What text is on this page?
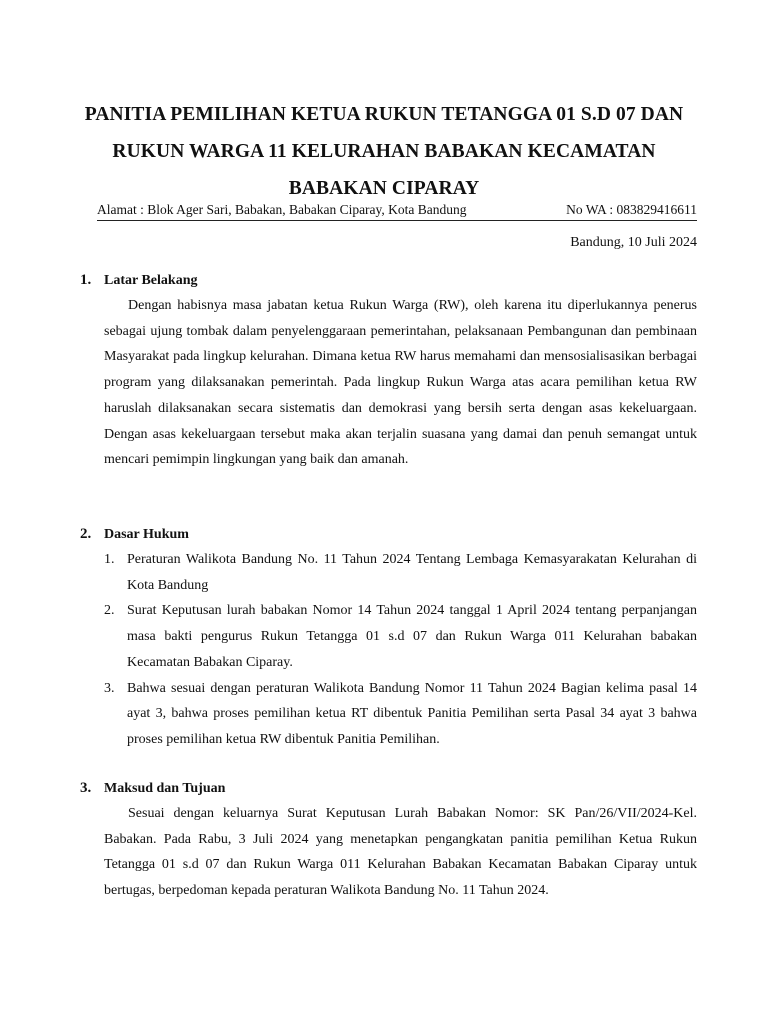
PANITIA PEMILIHAN KETUA RUKUN TETANGGA 01 S.D 07 DAN
RUKUN WARGA 11 KELURAHAN BABAKAN KECAMATAN
BABAKAN CIPARAY
Alamat : Blok Ager Sari, Babakan, Babakan Ciparay, Kota Bandung	No WA : 083829416611
Bandung, 10 Juli 2024
1. Latar Belakang
Dengan habisnya masa jabatan ketua Rukun Warga (RW), oleh karena itu diperlukannya penerus sebagai ujung tombak dalam penyelenggaraan pemerintahan, pelaksanaan Pembangunan dan pembinaan Masyarakat pada lingkup kelurahan. Dimana ketua RW harus memahami dan mensosialisasikan berbagai program yang dilaksanakan pemerintah. Pada lingkup Rukun Warga atas acara pemilihan ketua RW haruslah dilaksanakan secara sistematis dan demokrasi yang bersih serta dengan asas kekeluargaan. Dengan asas kekeluargaan tersebut maka akan terjalin suasana yang damai dan penuh semangat untuk mencari pemimpin lingkungan yang baik dan amanah.
2. Dasar Hukum
1. Peraturan Walikota Bandung No. 11 Tahun 2024 Tentang Lembaga Kemasyarakatan Kelurahan di Kota Bandung
2. Surat Keputusan lurah babakan Nomor 14 Tahun 2024 tanggal 1 April 2024 tentang perpanjangan masa bakti pengurus Rukun Tetangga 01 s.d 07 dan Rukun Warga 011 Kelurahan babakan Kecamatan Babakan Ciparay.
3. Bahwa sesuai dengan peraturan Walikota Bandung Nomor 11 Tahun 2024 Bagian kelima pasal 14 ayat 3, bahwa proses pemilihan ketua RT dibentuk Panitia Pemilihan serta Pasal 34 ayat 3 bahwa proses pemilihan ketua RW dibentuk Panitia Pemilihan.
3. Maksud dan Tujuan
Sesuai dengan keluarnya Surat Keputusan Lurah Babakan Nomor: SK Pan/26/VII/2024-Kel. Babakan. Pada Rabu, 3 Juli 2024 yang menetapkan pengangkatan panitia pemilihan Ketua Rukun Tetangga 01 s.d 07 dan Rukun Warga 011 Kelurahan Babakan Kecamatan Babakan Ciparay untuk bertugas, berpedoman kepada peraturan Walikota Bandung No. 11 Tahun 2024.
